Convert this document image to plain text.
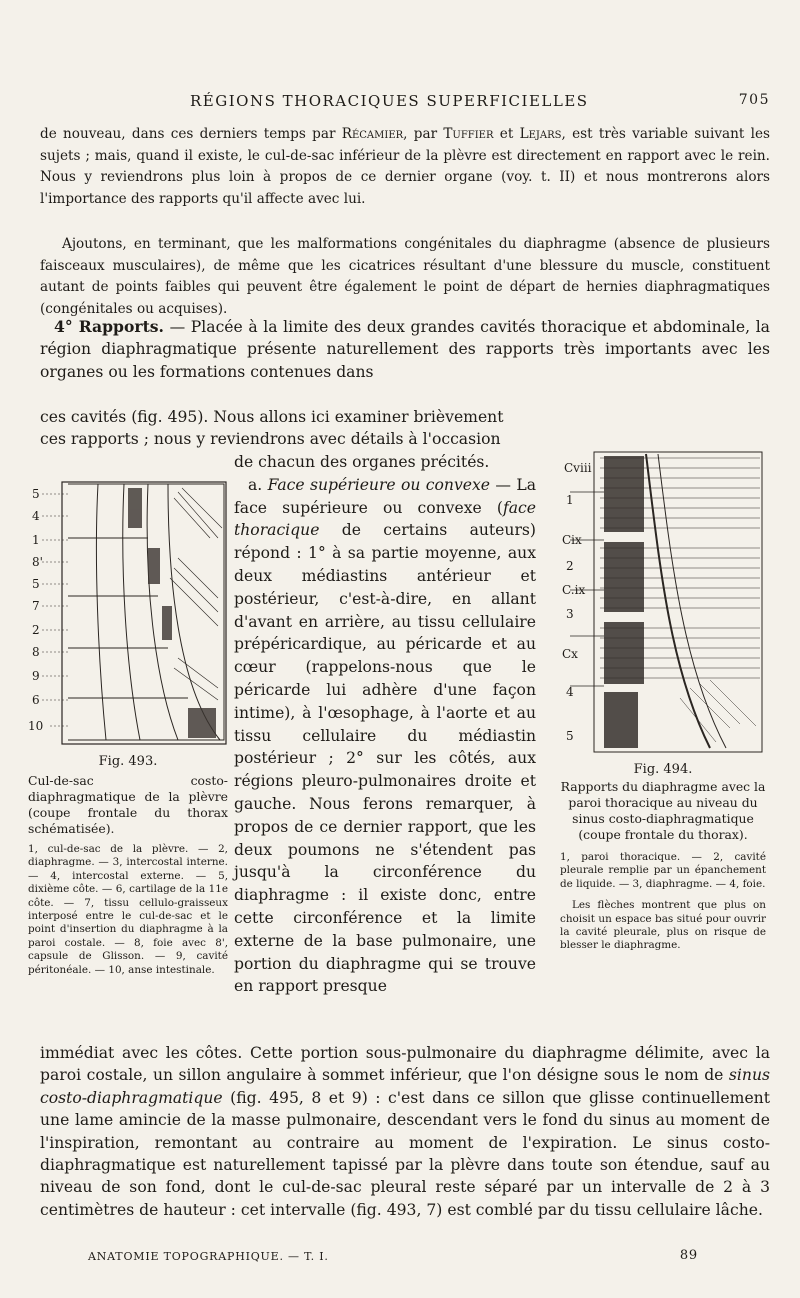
RÉGIONS THORACIQUES SUPERFICIELLES	705
de nouveau, dans ces derniers temps par Récamier, par Tuffier et Lejars, est très variable suivant les sujets ; mais, quand il existe, le cul-de-sac inférieur de la plèvre est directement en rapport avec le rein. Nous y reviendrons plus loin à propos de ce dernier organe (voy. t. II) et nous montrerons alors l'importance des rapports qu'il affecte avec lui.
Ajoutons, en terminant, que les malformations congénitales du diaphragme (absence de plusieurs faisceaux musculaires), de même que les cicatrices résultant d'une blessure du muscle, constituent autant de points faibles qui peuvent être également le point de départ de hernies diaphragmatiques (congénitales ou acquises).
4° Rapports. — Placée à la limite des deux grandes cavités thoracique et abdominale, la région diaphragmatique présente naturellement des rapports très importants avec les organes ou les formations contenues dans
ces cavités (fig. 495). Nous allons ici examiner brièvement
ces rapports ; nous y reviendrons avec détails à l'occasion
de chacun des organes précités.
a. Face supérieure ou convexe — La face supérieure ou convexe (face thoracique de certains auteurs) répond : 1° à sa partie moyenne, aux deux médiastins antérieur et postérieur, c'est-à-dire, en allant d'avant en arrière, au tissu cellulaire prépéricardique, au péricarde et au cœur (rappelons-nous que le péricarde lui adhère d'une façon intime), à l'œsophage, à l'aorte et au tissu cellulaire du médiastin postérieur ; 2° sur les côtés, aux régions pleuro-pulmonaires droite et gauche. Nous ferons remarquer, à propos de ce dernier rapport, que les deux poumons ne s'étendent pas jusqu'à la circonférence du diaphragme : il existe donc, entre cette circonférence et la limite externe de la base pulmonaire, une portion du diaphragme qui se trouve en rapport presque
immédiat avec les côtes. Cette portion sous-pulmonaire du diaphragme délimite, avec la paroi costale, un sillon angulaire à sommet inférieur, que l'on désigne sous le nom de sinus costo-diaphragmatique (fig. 495, 8 et 9) : c'est dans ce sillon que glisse continuellement une lame amincie de la masse pulmonaire, descendant vers le fond du sinus au moment de l'inspiration, remontant au contraire au moment de l'expiration. Le sinus costo-diaphragmatique est naturellement tapissé par la plèvre dans toute son étendue, sauf au niveau de son fond, dont le cul-de-sac pleural reste séparé par un intervalle de 2 à 3 centimètres de hauteur : cet intervalle (fig. 493, 7) est comblé par du tissu cellulaire lâche.
5
4
1
8'
5
7
2
8
9
6
10
Fig. 493.
Cul-de-sac costo-diaphragmatique de la plèvre (coupe frontale du thorax schématisée).
1, cul-de-sac de la plèvre. — 2, diaphragme. — 3, intercostal interne. — 4, intercostal externe. — 5, dixième côte. — 6, cartilage de la 11e côte. — 7, tissu cellulo-graisseux interposé entre le cul-de-sac et le point d'insertion du diaphragme à la paroi costale. — 8, foie avec 8', capsule de Glisson. — 9, cavité péritonéale. — 10, anse intestinale.
Cvⅲ
1
Cⅸ
2
C.ⅸ
3
Cⅹ
4
5
Fig. 494.
Rapports du diaphragme avec la paroi thoracique au niveau du sinus costo-diaphragmatique (coupe frontale du thorax).
1, paroi thoracique. — 2, cavité pleurale remplie par un épanchement de liquide. — 3, diaphragme. — 4, foie.
Les flèches montrent que plus on choisit un espace bas situé pour ouvrir la cavité pleurale, plus on risque de blesser le diaphragme.
ANATOMIE TOPOGRAPHIQUE. — T. I.	89
